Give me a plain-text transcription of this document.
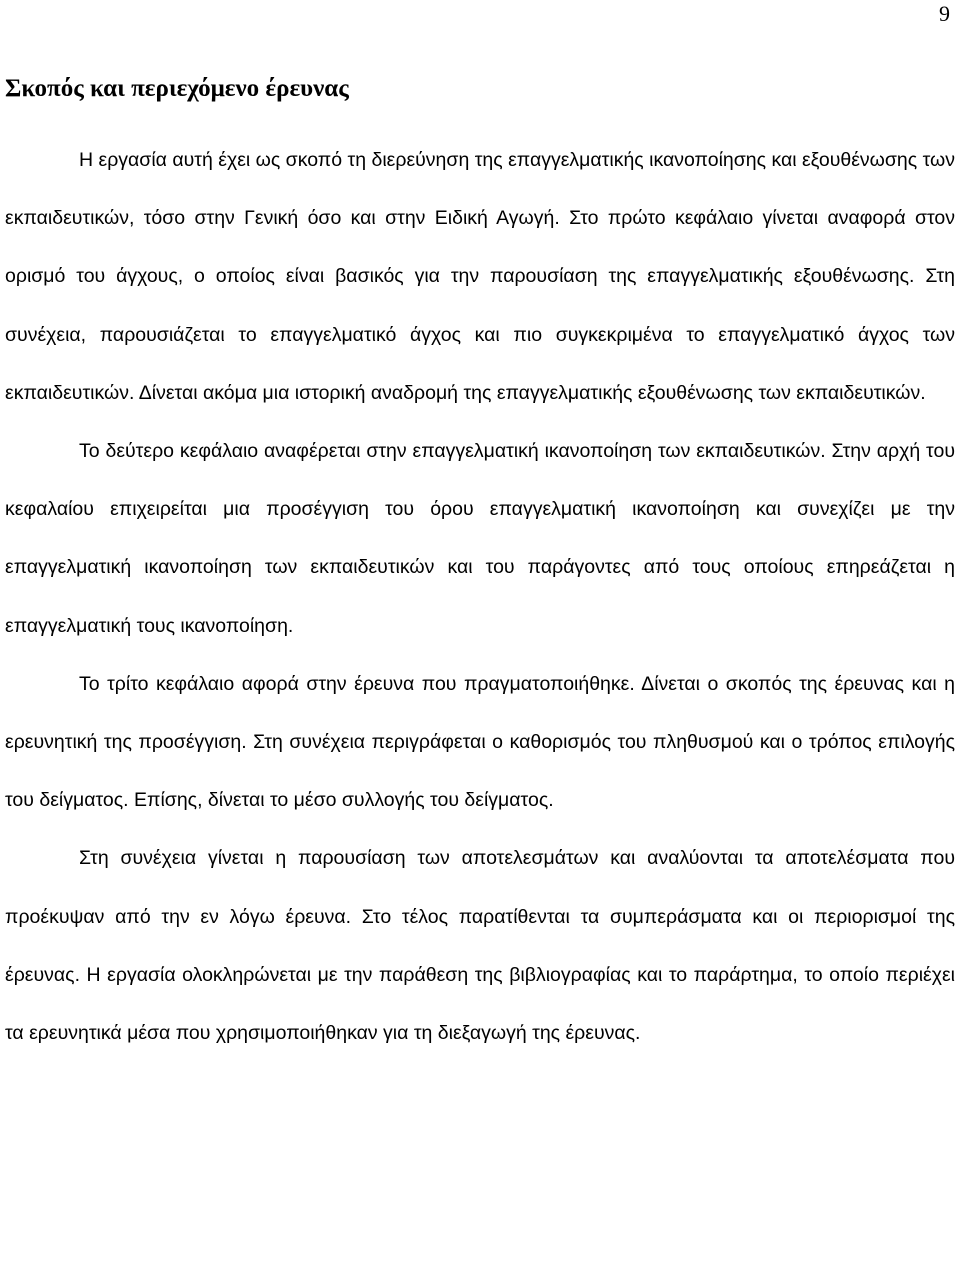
9
Σκοπός και περιεχόμενο έρευνας

Η εργασία αυτή έχει ως σκοπό τη διερεύνηση της επαγγελματικής ικανοποίησης και εξουθένωσης των εκπαιδευτικών, τόσο στην Γενική όσο και στην Ειδική Αγωγή. Στο πρώτο κεφάλαιο γίνεται αναφορά στον ορισμό του άγχους, ο οποίος είναι βασικός για την παρουσίαση της επαγγελματικής εξουθένωσης. Στη συνέχεια, παρουσιάζεται το επαγγελματικό άγχος και πιο συγκεκριμένα το επαγγελματικό άγχος των εκπαιδευτικών. Δίνεται ακόμα μια ιστορική αναδρομή της επαγγελματικής εξουθένωσης των εκπαιδευτικών.

Το δεύτερο κεφάλαιο αναφέρεται στην επαγγελματική ικανοποίηση των εκπαιδευτικών. Στην αρχή του κεφαλαίου επιχειρείται μια προσέγγιση του όρου επαγγελματική ικανοποίηση και συνεχίζει με την επαγγελματική ικανοποίηση των εκπαιδευτικών και του παράγοντες από τους οποίους επηρεάζεται η επαγγελματική τους ικανοποίηση.

Το τρίτο κεφάλαιο αφορά στην έρευνα που πραγματοποιήθηκε. Δίνεται ο σκοπός της έρευνας και η ερευνητική της προσέγγιση. Στη συνέχεια περιγράφεται ο καθορισμός του πληθυσμού και ο τρόπος επιλογής του δείγματος. Επίσης, δίνεται το μέσο συλλογής του δείγματος.

Στη συνέχεια γίνεται η παρουσίαση των αποτελεσμάτων και αναλύονται τα αποτελέσματα που προέκυψαν από την εν λόγω έρευνα. Στο τέλος παρατίθενται τα συμπεράσματα και οι περιορισμοί της έρευνας. Η εργασία ολοκληρώνεται με την παράθεση της βιβλιογραφίας και το παράρτημα, το οποίο περιέχει τα ερευνητικά μέσα που χρησιμοποιήθηκαν για τη διεξαγωγή της έρευνας.
